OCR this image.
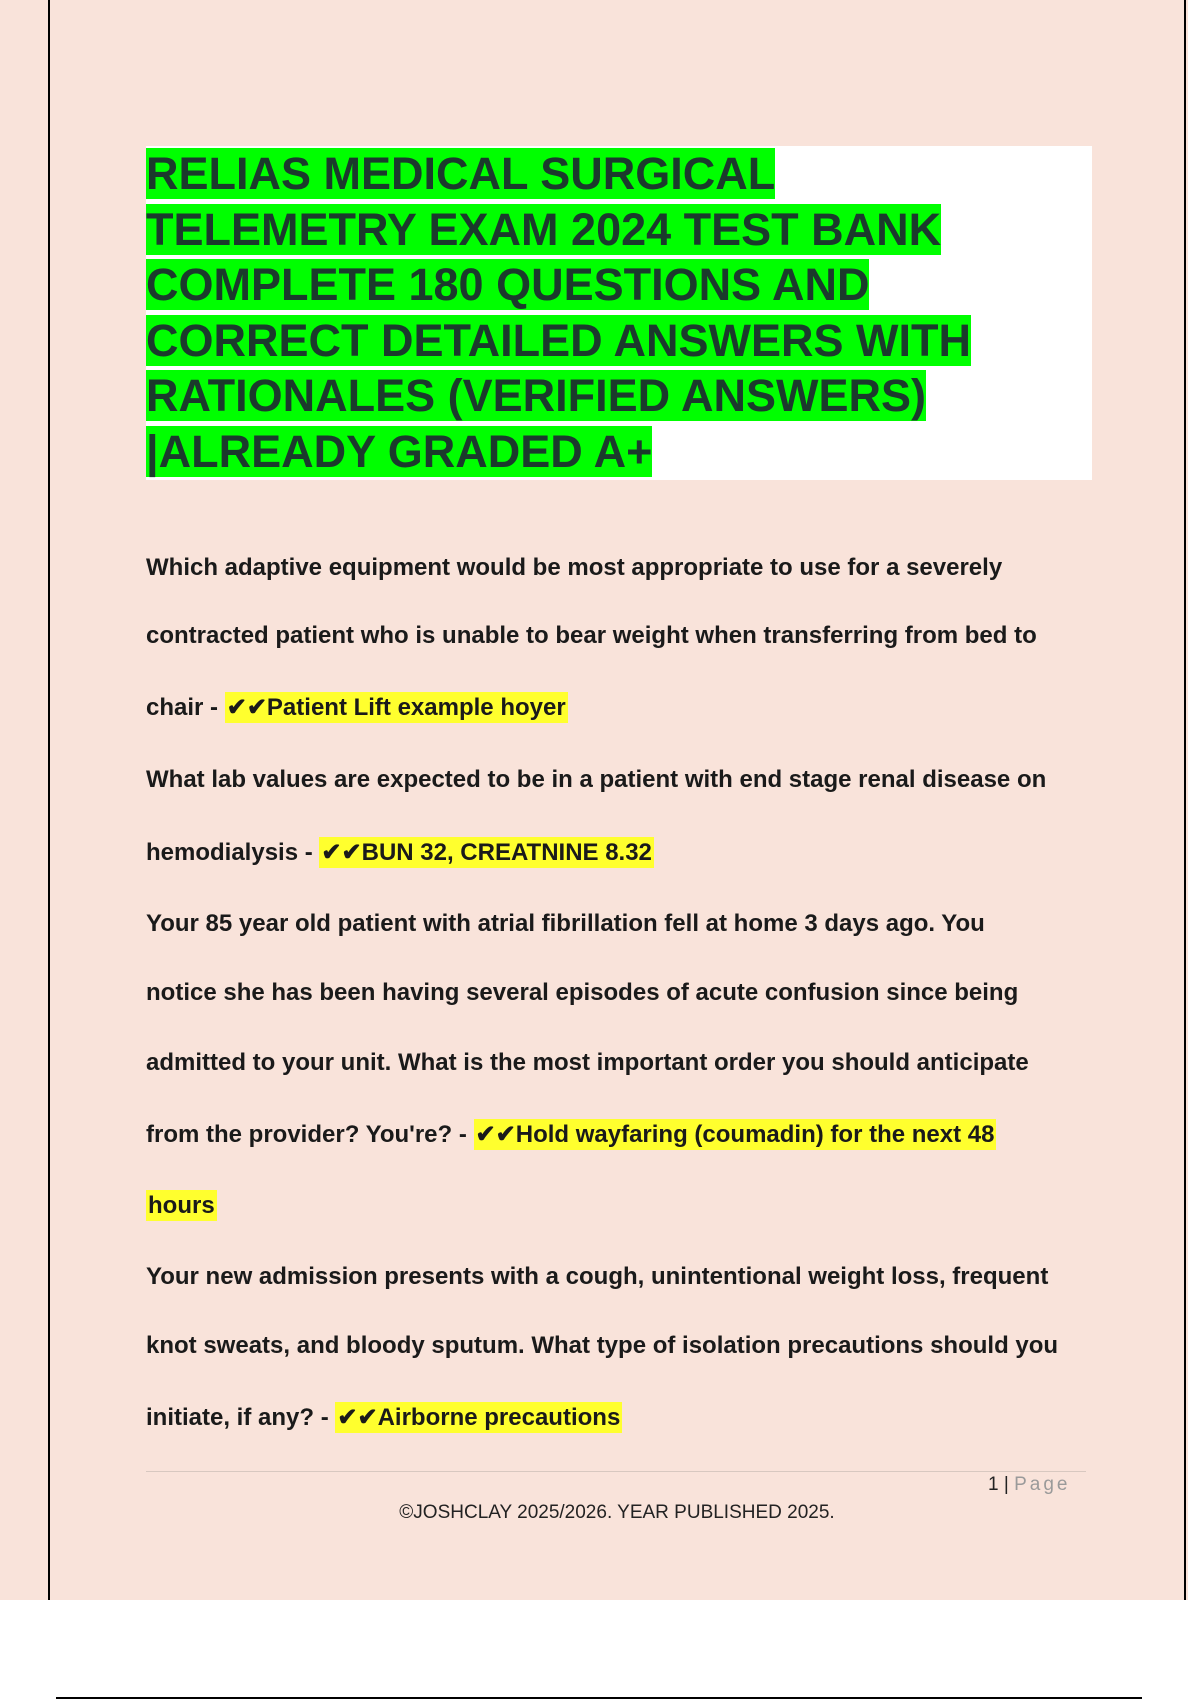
RELIAS MEDICAL SURGICAL
TELEMETRY EXAM 2024 TEST BANK
COMPLETE 180 QUESTIONS AND
CORRECT DETAILED ANSWERS WITH
RATIONALES (VERIFIED ANSWERS)
|ALREADY GRADED A+

Which adaptive equipment would be most appropriate to use for a severely

contracted patient who is unable to bear weight when transferring from bed to

chair - ✔✔Patient Lift example hoyer

What lab values are expected to be in a patient with end stage renal disease on

hemodialysis - ✔✔BUN 32, CREATNINE 8.32

Your 85 year old patient with atrial fibrillation fell at home 3 days ago. You

notice she has been having several episodes of acute confusion since being

admitted to your unit. What is the most important order you should anticipate

from the provider? You're? - ✔✔Hold wayfaring (coumadin) for the next 48

hours

Your new admission presents with a cough, unintentional weight loss, frequent

knot sweats, and bloody sputum. What type of isolation precautions should you

initiate, if any? - ✔✔Airborne precautions

1 | Page
©JOSHCLAY 2025/2026. YEAR PUBLISHED 2025.
